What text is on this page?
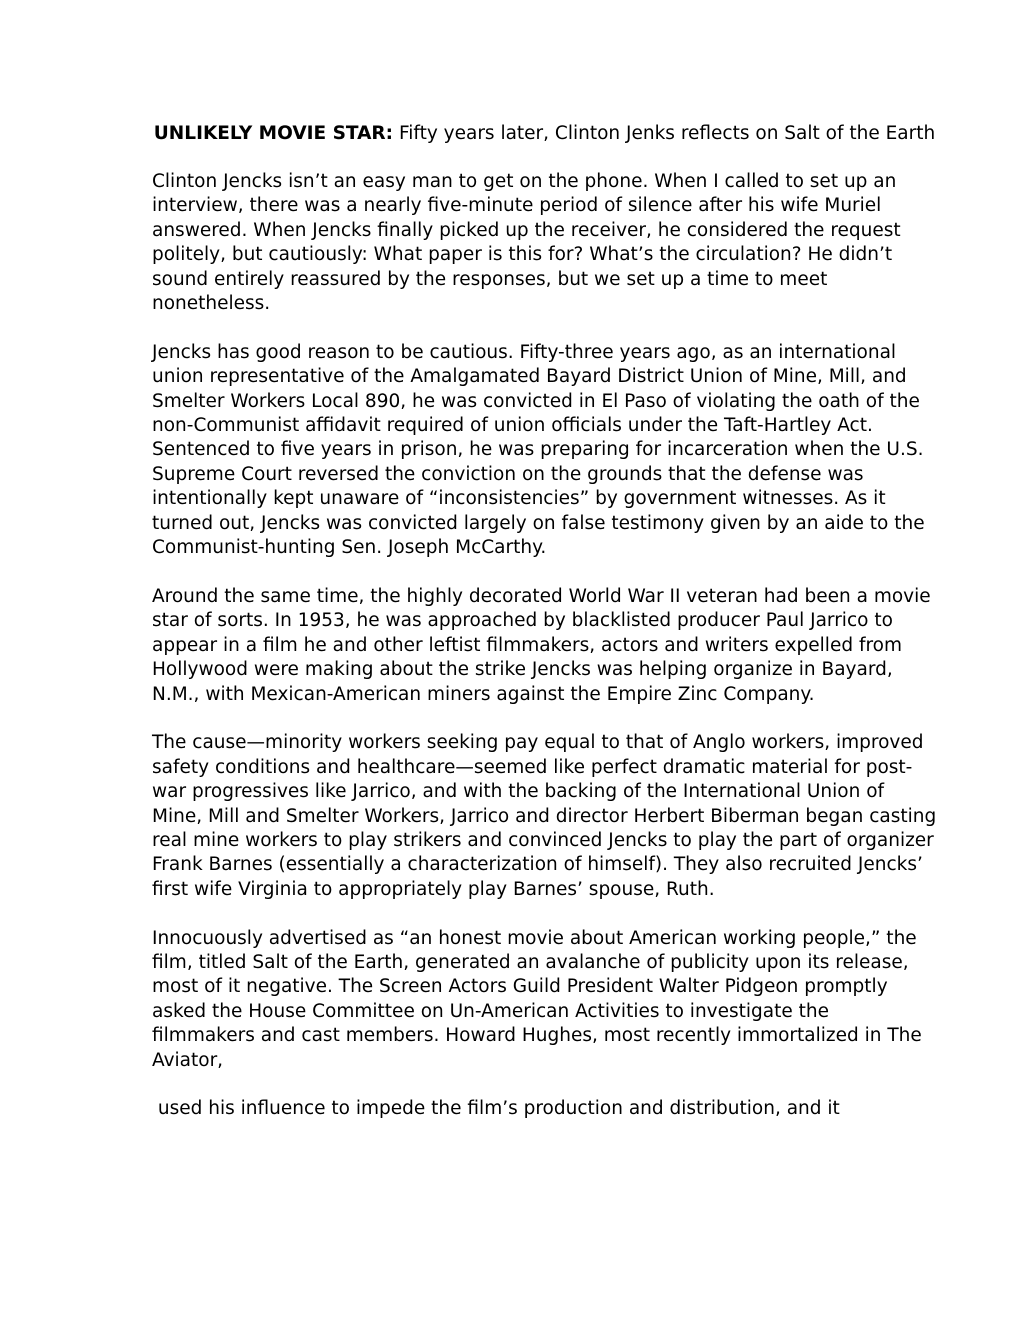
UNLIKELY MOVIE STAR: Fifty years later, Clinton Jenks reflects on Salt of the Earth

Clinton Jencks isn’t an easy man to get on the phone. When I called to set up an interview, there was a nearly five-minute period of silence after his wife Muriel answered. When Jencks finally picked up the receiver, he considered the request politely, but cautiously: What paper is this for? What’s the circulation? He didn’t sound entirely reassured by the responses, but we set up a time to meet nonetheless.

Jencks has good reason to be cautious. Fifty-three years ago, as an international union representative of the Amalgamated Bayard District Union of Mine, Mill, and Smelter Workers Local 890, he was convicted in El Paso of violating the oath of the non-Communist affidavit required of union officials under the Taft-Hartley Act. Sentenced to five years in prison, he was preparing for incarceration when the U.S. Supreme Court reversed the conviction on the grounds that the defense was intentionally kept unaware of “inconsistencies” by government witnesses. As it turned out, Jencks was convicted largely on false testimony given by an aide to the Communist-hunting Sen. Joseph McCarthy.

Around the same time, the highly decorated World War II veteran had been a movie star of sorts. In 1953, he was approached by blacklisted producer Paul Jarrico to appear in a film he and other leftist filmmakers, actors and writers expelled from Hollywood were making about the strike Jencks was helping organize in Bayard, N.M., with Mexican-American miners against the Empire Zinc Company.

The cause—minority workers seeking pay equal to that of Anglo workers, improved safety conditions and healthcare—seemed like perfect dramatic material for post-war progressives like Jarrico, and with the backing of the International Union of Mine, Mill and Smelter Workers, Jarrico and director Herbert Biberman began casting real mine workers to play strikers and convinced Jencks to play the part of organizer Frank Barnes (essentially a characterization of himself). They also recruited Jencks’ first wife Virginia to appropriately play Barnes’ spouse, Ruth.

Innocuously advertised as “an honest movie about American working people,” the film, titled Salt of the Earth, generated an avalanche of publicity upon its release, most of it negative. The Screen Actors Guild President Walter Pidgeon promptly asked the House Committee on Un-American Activities to investigate the filmmakers and cast members. Howard Hughes, most recently immortalized in The Aviator,

used his influence to impede the film’s production and distribution, and it
